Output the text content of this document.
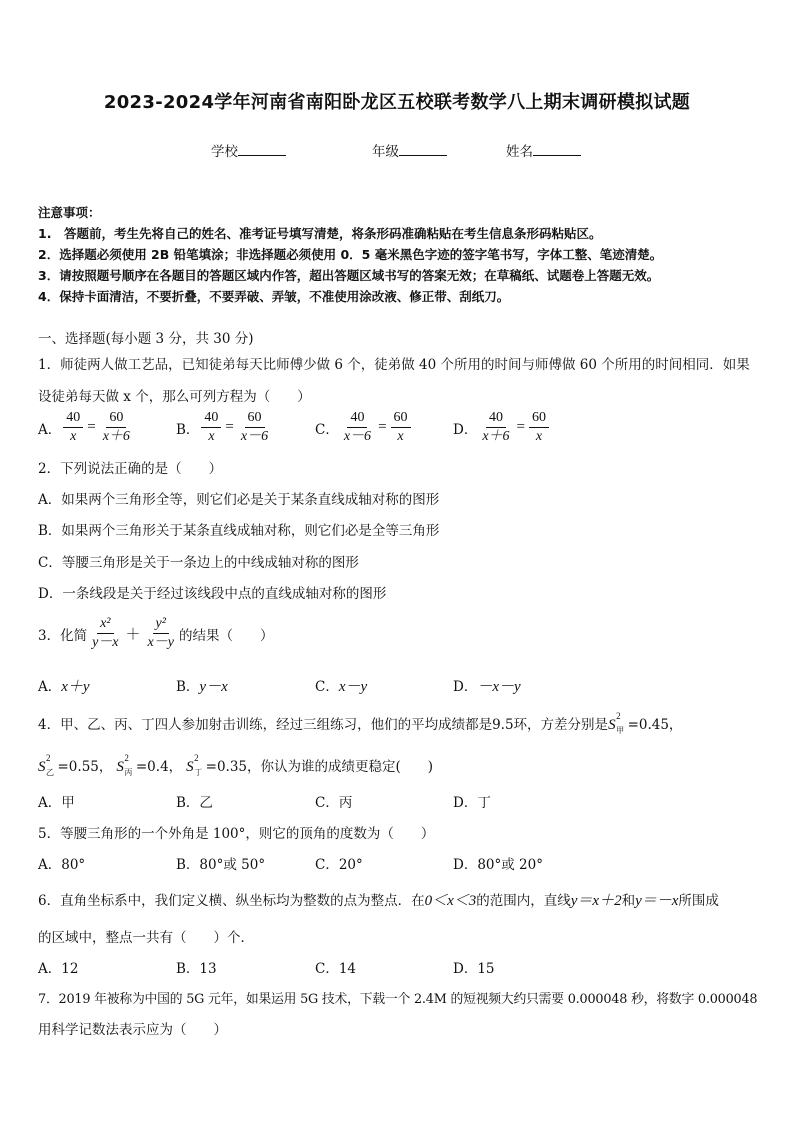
2023-2024学年河南省南阳卧龙区五校联考数学八上期末调研模拟试题
学校	年级	姓名
注意事项：
1.　答题前，考生先将自己的姓名、准考证号填写清楚，将条形码准确粘贴在考生信息条形码粘贴区。
2．选择题必须使用 2B 铅笔填涂；非选择题必须使用 0．5 毫米黑色字迹的签字笔书写，字体工整、笔迹清楚。
3．请按照题号顺序在各题目的答题区域内作答，超出答题区域书写的答案无效；在草稿纸、试题卷上答题无效。
4．保持卡面清洁，不要折叠，不要弄破、弄皱，不准使用涂改液、修正带、刮纸刀。
一、选择题(每小题 3 分，共 30 分)
1．师徒两人做工艺品，已知徒弟每天比师傅少做 6 个，徒弟做 40 个所用的时间与师傅做 60 个所用的时间相同．如果
设徒弟每天做 x 个，那么可列方程为（　　）
A． $\frac{40}{x} = \frac{60}{x+6}$	B． $\frac{40}{x} = \frac{60}{x-6}$	C． $\frac{40}{x-6} = \frac{60}{x}$	D． $\frac{40}{x+6} = \frac{60}{x}$
2．下列说法正确的是（　　）
A．如果两个三角形全等，则它们必是关于某条直线成轴对称的图形
B．如果两个三角形关于某条直线成轴对称，则它们必是全等三角形
C．等腰三角形是关于一条边上的中线成轴对称的图形
D．一条线段是关于经过该线段中点的直线成轴对称的图形
3．化简 $\frac{\text{x²}}{y-x} + \frac{\text{y²}}{x-y}$ 的结果（　　）
A．x＋y	B．y－x	C．x－y	D．－x－y
4．甲、乙、丙、丁四人参加射击训练，经过三组练习，他们的平均成绩都是9.5环，方差分别是S
2
甲 =0.45，
S
2
乙 =0.55， S
2
丙 =0.4， S
2
丁 =0.35，你认为谁的成绩更稳定(　　)
A．甲	B．乙	C．丙	D．丁
5．等腰三角形的一个外角是 100°，则它的顶角的度数为（　　）
A．80°	B．80°或 50°	C．20°	D．80°或 20°
6．直角坐标系中，我们定义横、纵坐标均为整数的点为整点．在0＜x＜3的范围内，直线y＝x＋2和y＝－x所围成
的区域中，整点一共有（　　）个．
A．12	B．13	C．14	D．15
7．2019 年被称为中国的 5G 元年，如果运用 5G 技术，下载一个 2.4M 的短视频大约只需要 0.000048 秒，将数字 0.000048
用科学记数法表示应为（　　）
